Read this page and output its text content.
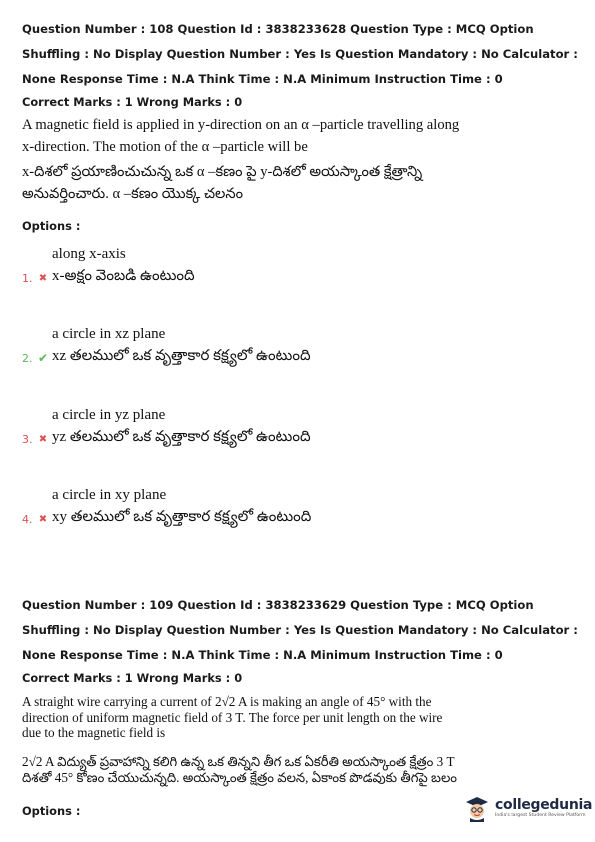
Question Number : 108 Question Id : 3838233628 Question Type : MCQ Option Shuffling : No Display Question Number : Yes Is Question Mandatory : No Calculator : None Response Time : N.A Think Time : N.A Minimum Instruction Time : 0
Correct Marks : 1 Wrong Marks : 0
A magnetic field is applied in y-direction on an α –particle travelling along x-direction. The motion of the α –particle will be
x-దిశలో ప్రయాణించుచున్న ఒక α –కణం పై y-దిశలో అయస్కాంత క్షేత్రాన్ని అనువర్తించారు. α –కణం యొక్క చలనం
Options :
along x-axis
1. ✖ x-అక్షం వెంబడి ఉంటుంది
a circle in xz plane
2. ✔ xz తలములో ఒక వృత్తాకార కక్ష్యలో ఉంటుంది
a circle in yz plane
3. ✖ yz తలములో ఒక వృత్తాకార కక్ష్యలో ఉంటుంది
a circle in xy plane
4. ✖ xy తలములో ఒక వృత్తాకార కక్ష్యలో ఉంటుంది
Question Number : 109 Question Id : 3838233629 Question Type : MCQ Option Shuffling : No Display Question Number : Yes Is Question Mandatory : No Calculator : None Response Time : N.A Think Time : N.A Minimum Instruction Time : 0
Correct Marks : 1 Wrong Marks : 0
A straight wire carrying a current of 2√2 A is making an angle of 45° with the direction of uniform magnetic field of 3 T. The force per unit length on the wire due to the magnetic field is
2√2 A విద్యుత్ ప్రవాహాన్ని కలిగి ఉన్న ఒక తిన్నని తీగ ఒక ఏకరీతి అయస్కాంత క్షేత్రం 3 T దిశతో 45° కోణం చేయుచున్నది. అయస్కాంత క్షేత్రం వలన, ఏకాంక పొడవుకు తీగపై బలం
Options :	collegedunia
India's largest Student Review Platform
